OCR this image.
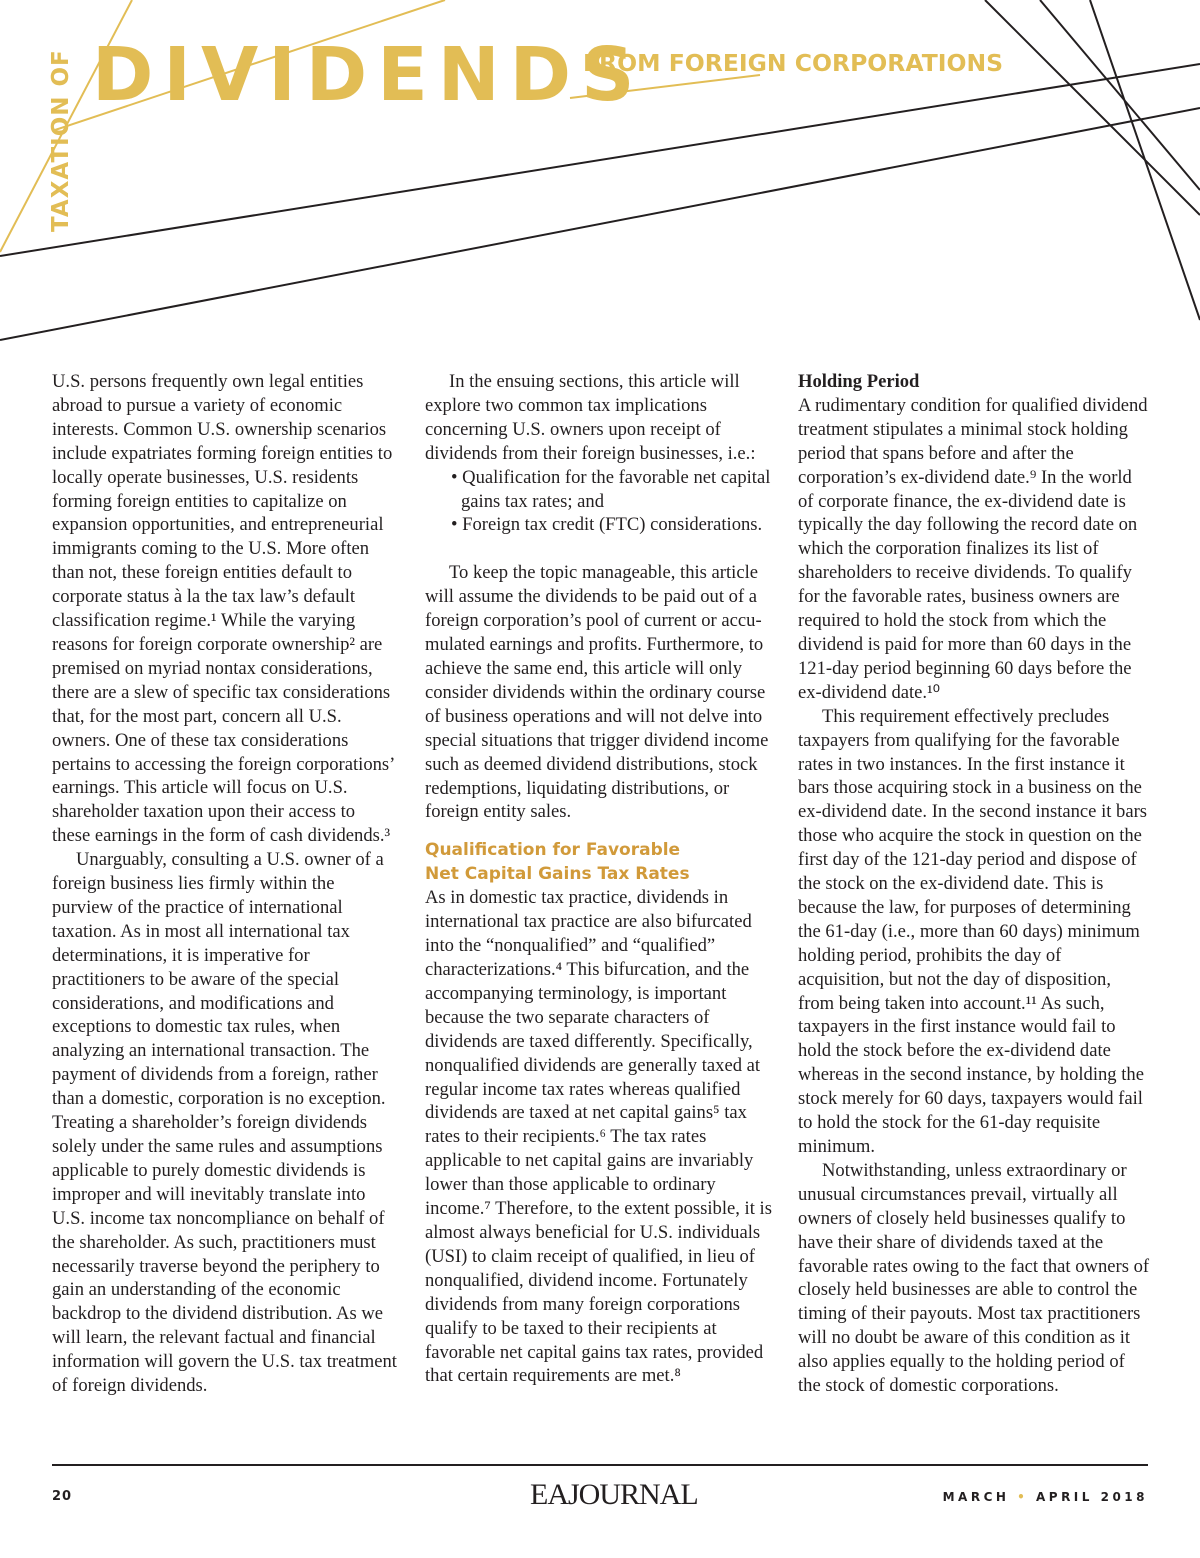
TAXATION OF DIVIDENDS
FROM FOREIGN CORPORATIONS

U.S. persons frequently own legal entities abroad to pursue a variety of economic interests. Common U.S. ownership scenarios include expatriates forming foreign entities to locally operate businesses, U.S. residents forming foreign entities to capitalize on expansion opportunities, and entrepreneurial immigrants coming to the U.S. More often than not, these foreign entities default to corporate status à la the tax law’s default classification regime.¹ While the varying reasons for foreign corporate ownership² are premised on myriad nontax considerations, there are a slew of specific tax considerations that, for the most part, concern all U.S. owners. One of these tax considerations pertains to accessing the foreign corporations’ earnings. This article will focus on U.S. shareholder taxation upon their access to these earnings in the form of cash dividends.³

Unarguably, consulting a U.S. owner of a foreign business lies firmly within the purview of the practice of international taxation. As in most all international tax determinations, it is imperative for practitioners to be aware of the special considerations, and modifications and exceptions to domestic tax rules, when analyzing an international transaction. The payment of dividends from a foreign, rather than a domestic, corporation is no exception. Treating a shareholder’s foreign dividends solely under the same rules and assumptions applicable to purely domestic dividends is improper and will inevitably translate into U.S. income tax noncompliance on behalf of the shareholder. As such, practitioners must necessarily traverse beyond the periphery to gain an understanding of the economic backdrop to the dividend distribution. As we will learn, the relevant factual and financial information will govern the U.S. tax treatment of foreign dividends.

In the ensuing sections, this article will explore two common tax implications concerning U.S. owners upon receipt of dividends from their foreign businesses, i.e.:

• Qualification for the favorable net capital gains tax rates; and

• Foreign tax credit (FTC) considerations.

To keep the topic manageable, this article will assume the dividends to be paid out of a foreign corporation’s pool of current or accumulated earnings and profits. Furthermore, to achieve the same end, this article will only consider dividends within the ordinary course of business operations and will not delve into special situations that trigger dividend income such as deemed dividend distributions, stock redemptions, liquidating distributions, or foreign entity sales.

Qualification for Favorable
Net Capital Gains Tax Rates

As in domestic tax practice, dividends in international tax practice are also bifurcated into the “nonqualified” and “qualified” characterizations.⁴ This bifurcation, and the accompanying terminology, is important because the two separate characters of dividends are taxed differently. Specifically, nonqualified dividends are generally taxed at regular income tax rates whereas qualified dividends are taxed at net capital gains⁵ tax rates to their recipients.⁶ The tax rates applicable to net capital gains are invariably lower than those applicable to ordinary income.⁷ Therefore, to the extent possible, it is almost always beneficial for U.S. individuals (USI) to claim receipt of qualified, in lieu of nonqualified, dividend income. Fortunately dividends from many foreign corporations qualify to be taxed to their recipients at favorable net capital gains tax rates, provided that certain requirements are met.⁸

Holding Period

A rudimentary condition for qualified dividend treatment stipulates a minimal stock holding period that spans before and after the corporation’s ex-dividend date.⁹ In the world of corporate finance, the ex-dividend date is typically the day following the record date on which the corporation finalizes its list of shareholders to receive dividends. To qualify for the favorable rates, business owners are required to hold the stock from which the dividend is paid for more than 60 days in the 121-day period beginning 60 days before the ex-dividend date.¹⁰

This requirement effectively precludes taxpayers from qualifying for the favorable rates in two instances. In the first instance it bars those acquiring stock in a business on the ex-dividend date. In the second instance it bars those who acquire the stock in question on the first day of the 121-day period and dispose of the stock on the ex-dividend date. This is because the law, for purposes of determining the 61-day (i.e., more than 60 days) minimum holding period, prohibits the day of acquisition, but not the day of disposition, from being taken into account.¹¹ As such, taxpayers in the first instance would fail to hold the stock before the ex-dividend date whereas in the second instance, by holding the stock merely for 60 days, taxpayers would fail to hold the stock for the 61-day requisite minimum.

Notwithstanding, unless extraordinary or unusual circumstances prevail, virtually all owners of closely held businesses qualify to have their share of dividends taxed at the favorable rates owing to the fact that owners of closely held businesses are able to control the timing of their payouts. Most tax practitioners will no doubt be aware of this condition as it also applies equally to the holding period of the stock of domestic corporations.

20	EAJOURNAL	MARCH • APRIL 2018
